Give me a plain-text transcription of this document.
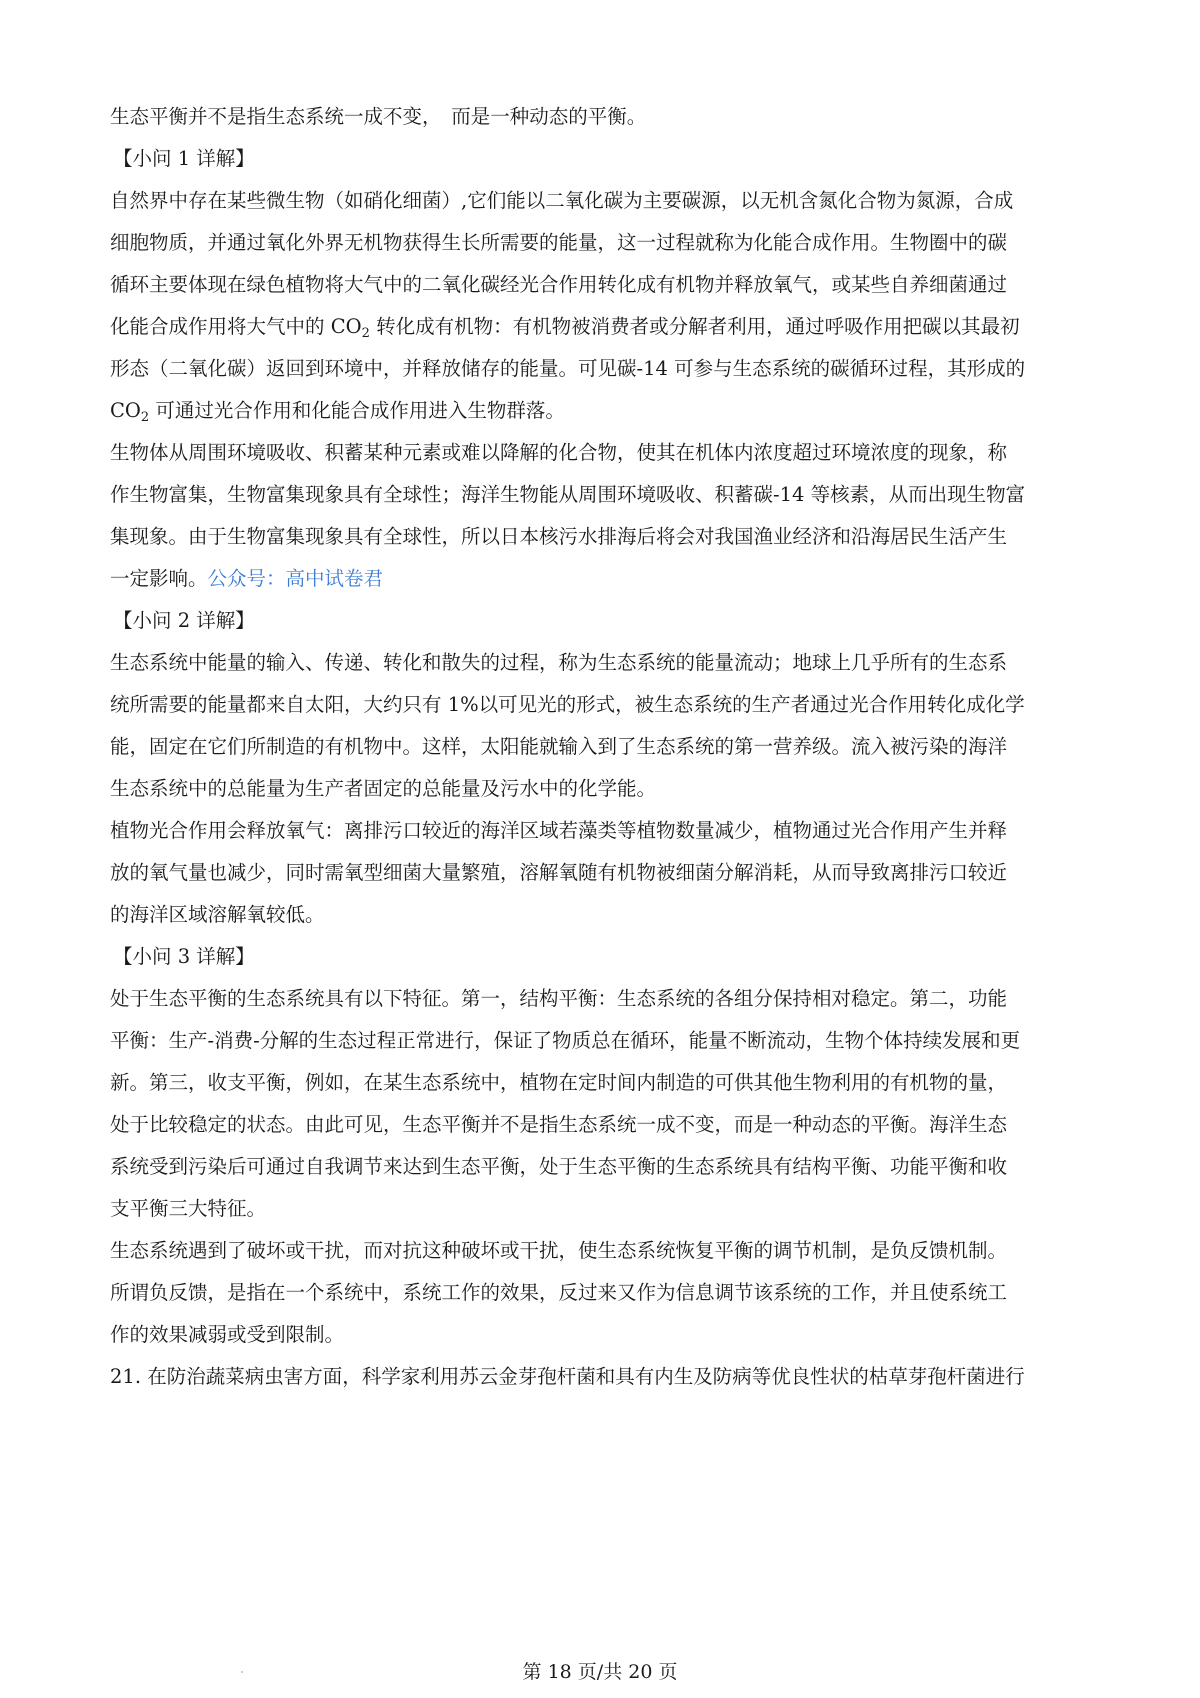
生态平衡并不是指生态系统一成不变，　而是一种动态的平衡。
【小问 1 详解】
自然界中存在某些微生物（如硝化细菌）,它们能以二氧化碳为主要碳源，以无机含氮化合物为氮源，合成
细胞物质，并通过氧化外界无机物获得生长所需要的能量，这一过程就称为化能合成作用。生物圈中的碳
循环主要体现在绿色植物将大气中的二氧化碳经光合作用转化成有机物并释放氧气，或某些自养细菌通过
化能合成作用将大气中的 $CO_2$ 转化成有机物：有机物被消费者或分解者利用，通过呼吸作用把碳以其最初
形态（二氧化碳）返回到环境中，并释放储存的能量。可见碳-14 可参与生态系统的碳循环过程，其形成的
$CO_2$ 可通过光合作用和化能合成作用进入生物群落。
生物体从周围环境吸收、积蓄某种元素或难以降解的化合物，使其在机体内浓度超过环境浓度的现象，称
作生物富集，生物富集现象具有全球性；海洋生物能从周围环境吸收、积蓄碳-14 等核素，从而出现生物富
集现象。由于生物富集现象具有全球性，所以日本核污水排海后将会对我国渔业经济和沿海居民生活产生
一定影响。公众号：高中试卷君
【小问 2 详解】
生态系统中能量的输入、传递、转化和散失的过程，称为生态系统的能量流动；地球上几乎所有的生态系
统所需要的能量都来自太阳，大约只有 1%以可见光的形式，被生态系统的生产者通过光合作用转化成化学
能，固定在它们所制造的有机物中。这样，太阳能就输入到了生态系统的第一营养级。流入被污染的海洋
生态系统中的总能量为生产者固定的总能量及污水中的化学能。
植物光合作用会释放氧气：离排污口较近的海洋区域若藻类等植物数量减少，植物通过光合作用产生并释
放的氧气量也减少，同时需氧型细菌大量繁殖，溶解氧随有机物被细菌分解消耗，从而导致离排污口较近
的海洋区域溶解氧较低。
【小问 3 详解】
处于生态平衡的生态系统具有以下特征。第一，结构平衡：生态系统的各组分保持相对稳定。第二，功能
平衡：生产-消费-分解的生态过程正常进行，保证了物质总在循环，能量不断流动，生物个体持续发展和更
新。第三，收支平衡，例如，在某生态系统中，植物在定时间内制造的可供其他生物利用的有机物的量，
处于比较稳定的状态。由此可见，生态平衡并不是指生态系统一成不变，而是一种动态的平衡。海洋生态
系统受到污染后可通过自我调节来达到生态平衡，处于生态平衡的生态系统具有结构平衡、功能平衡和收
支平衡三大特征。
生态系统遇到了破坏或干扰，而对抗这种破坏或干扰，使生态系统恢复平衡的调节机制，是负反馈机制。
所谓负反馈，是指在一个系统中，系统工作的效果，反过来又作为信息调节该系统的工作，并且使系统工
作的效果减弱或受到限制。
21. 在防治蔬菜病虫害方面，科学家利用苏云金芽孢杆菌和具有内生及防病等优良性状的枯草芽孢杆菌进行
第 18 页/共 20 页
